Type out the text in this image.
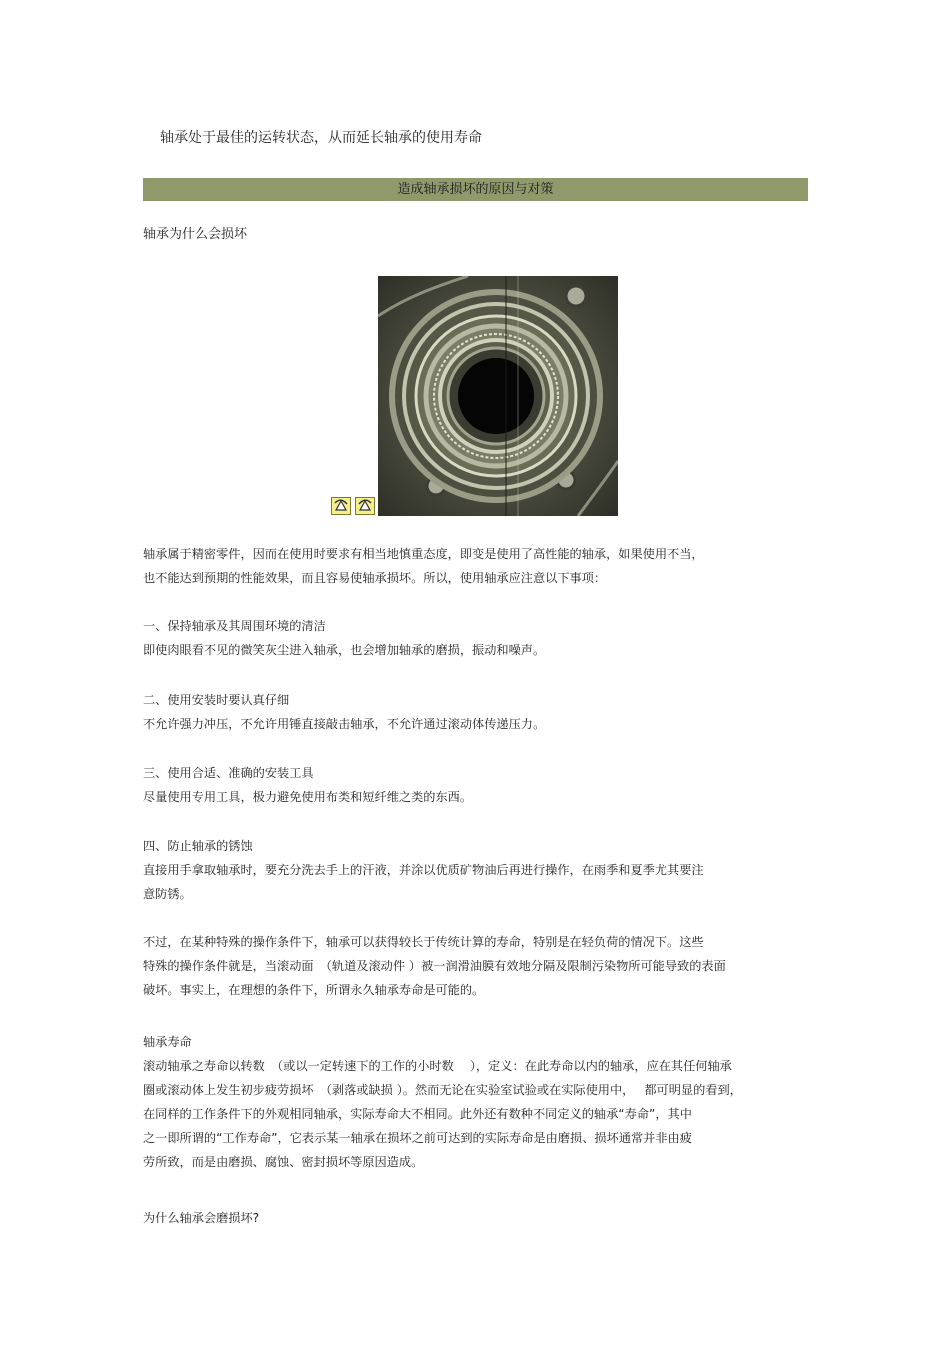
轴承处于最佳的运转状态，从而延长轴承的使用寿命
造成轴承损坏的原因与对策
轴承为什么会损坏
轴承属于精密零件，因而在使用时要求有相当地慎重态度，即变是使用了高性能的轴承，如果使用不当，
也不能达到预期的性能效果，而且容易使轴承损坏。所以，使用轴承应注意以下事项：
一、保持轴承及其周围环境的清洁
即使肉眼看不见的微笑灰尘进入轴承，也会增加轴承的磨损，振动和噪声。
二、使用安装时要认真仔细
不允许强力冲压，不允许用锤直接敲击轴承，不允许通过滚动体传递压力。
三、使用合适、准确的安装工具
尽量使用专用工具，极力避免使用布类和短纤维之类的东西。
四、防止轴承的锈蚀
直接用手拿取轴承时，要充分洗去手上的汗液，并涂以优质矿物油后再进行操作，在雨季和夏季尤其要注
意防锈。
不过，在某种特殊的操作条件下，轴承可以获得较长于传统计算的寿命，特别是在轻负荷的情况下。这些
特殊的操作条件就是，当滚动面　（轨道及滚动件 ）被一润滑油膜有效地分隔及限制污染物所可能导致的表面
破坏。事实上，在理想的条件下，所谓永久轴承寿命是可能的。
轴承寿命
滚动轴承之寿命以转数　（或以一定转速下的工作的小时数　 ），定义：在此寿命以内的轴承，应在其任何轴承
圈或滚动体上发生初步疲劳损坏　（剥落或缺损 ）。然而无论在实验室试验或在实际使用中，　 都可明显的看到，
在同样的工作条件下的外观相同轴承，实际寿命大不相同。此外还有数种不同定义的轴承“寿命”，其中
之一即所谓的“工作寿命”，它表示某一轴承在损坏之前可达到的实际寿命是由磨损、损坏通常并非由疲
劳所致，而是由磨损、腐蚀、密封损坏等原因造成。
为什么轴承会磨损坏?
